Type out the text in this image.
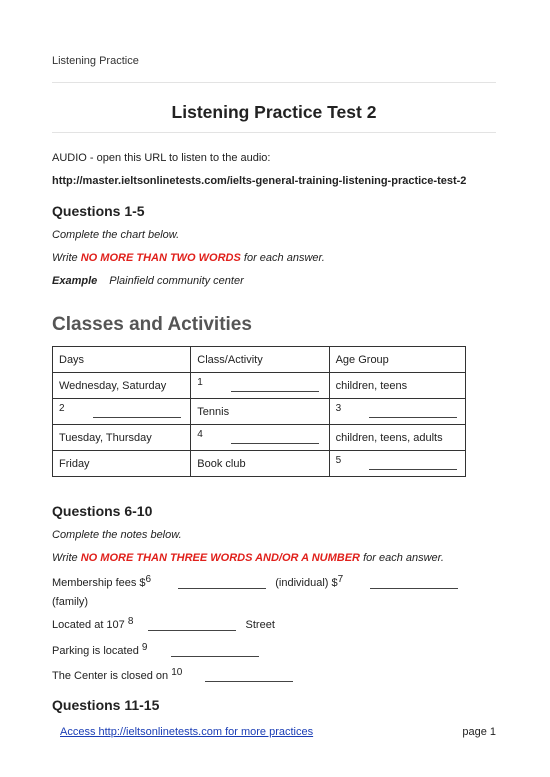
Listening Practice
Listening Practice Test 2
AUDIO - open this URL to listen to the audio:
http://master.ieltsonlinetests.com/ielts-general-training-listening-practice-test-2
Questions 1-5
Complete the chart below.
Write NO MORE THAN TWO WORDS for each answer.
Example Plainfield community center
Classes and Activities
Days	Class/Activity	Age Group
Wednesday, Saturday	1	children, teens
2	Tennis	3
Tuesday, Thursday	4	children, teens, adults
Friday	Book club	5
Questions 6-10
Complete the notes below.
Write NO MORE THAN THREE WORDS AND/OR A NUMBER for each answer.
Membership fees $6	(individual) $7
(family)
Located at 107 8	Street
Parking is located 9
The Center is closed on 10
Questions 11-15
Access http://ieltsonlinetests.com for more practices	page 1
